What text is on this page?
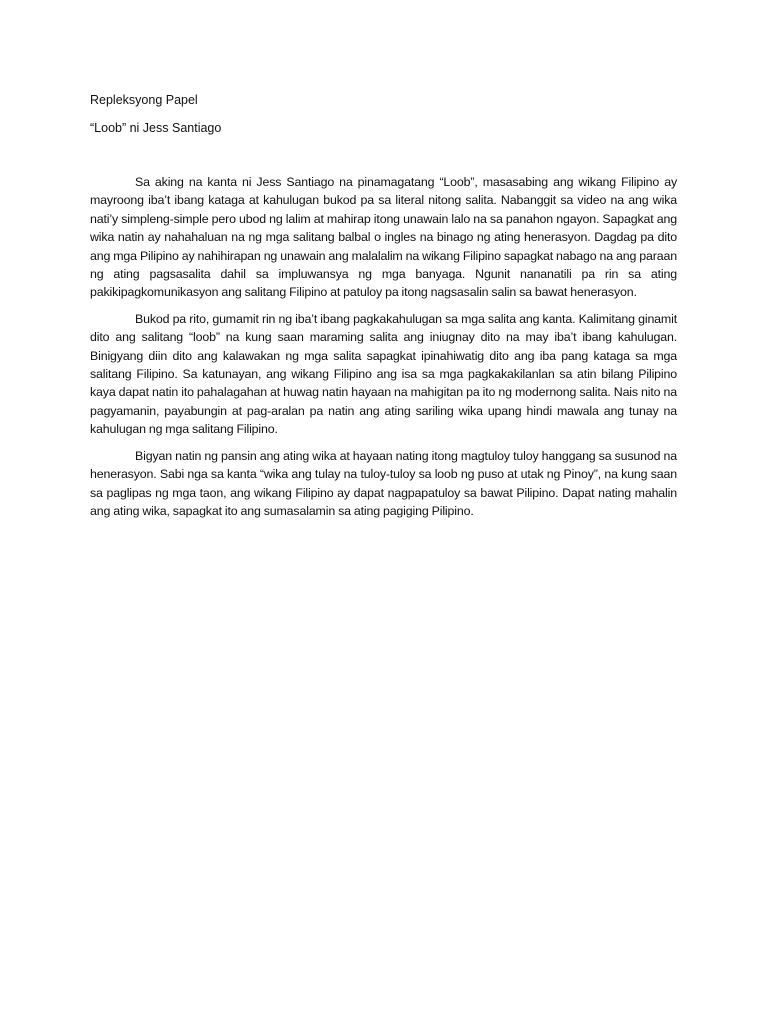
Repleksyong Papel

“Loob” ni Jess Santiago

Sa aking na kanta ni Jess Santiago na pinamagatang “Loob”, masasabing ang wikang Filipino ay mayroong iba’t ibang kataga at kahulugan bukod pa sa literal nitong salita. Nabanggit sa video na ang wika nati’y simpleng-simple pero ubod ng lalim at mahirap itong unawain lalo na sa panahon ngayon. Sapagkat ang wika natin ay nahahaluan na ng mga salitang balbal o ingles na binago ng ating henerasyon. Dagdag pa dito ang mga Pilipino ay nahihirapan ng unawain ang malalalim na wikang Filipino sapagkat nabago na ang paraan ng ating pagsasalita dahil sa impluwansya ng mga banyaga. Ngunit nananatili pa rin sa ating pakikipagkomunikasyon ang salitang Filipino at patuloy pa itong nagsasalin salin sa bawat henerasyon.

Bukod pa rito, gumamit rin ng iba’t ibang pagkakahulugan sa mga salita ang kanta. Kalimitang ginamit dito ang salitang “loob” na kung saan maraming salita ang iniugnay dito na may iba’t ibang kahulugan. Binigyang diin dito ang kalawakan ng mga salita sapagkat ipinahiwatig dito ang iba pang kataga sa mga salitang Filipino. Sa katunayan, ang wikang Filipino ang isa sa mga pagkakakilanlan sa atin bilang Pilipino kaya dapat natin ito pahalagahan at huwag natin hayaan na mahigitan pa ito ng modernong salita. Nais nito na pagyamanin, payabungin at pag-aralan pa natin ang ating sariling wika upang hindi mawala ang tunay na kahulugan ng mga salitang Filipino.

Bigyan natin ng pansin ang ating wika at hayaan nating itong magtuloy tuloy hanggang sa susunod na henerasyon. Sabi nga sa kanta “wika ang tulay na tuloy-tuloy sa loob ng puso at utak ng Pinoy”, na kung saan sa paglipas ng mga taon, ang wikang Filipino ay dapat nagpapatuloy sa bawat Pilipino. Dapat nating mahalin ang ating wika, sapagkat ito ang sumasalamin sa ating pagiging Pilipino.
